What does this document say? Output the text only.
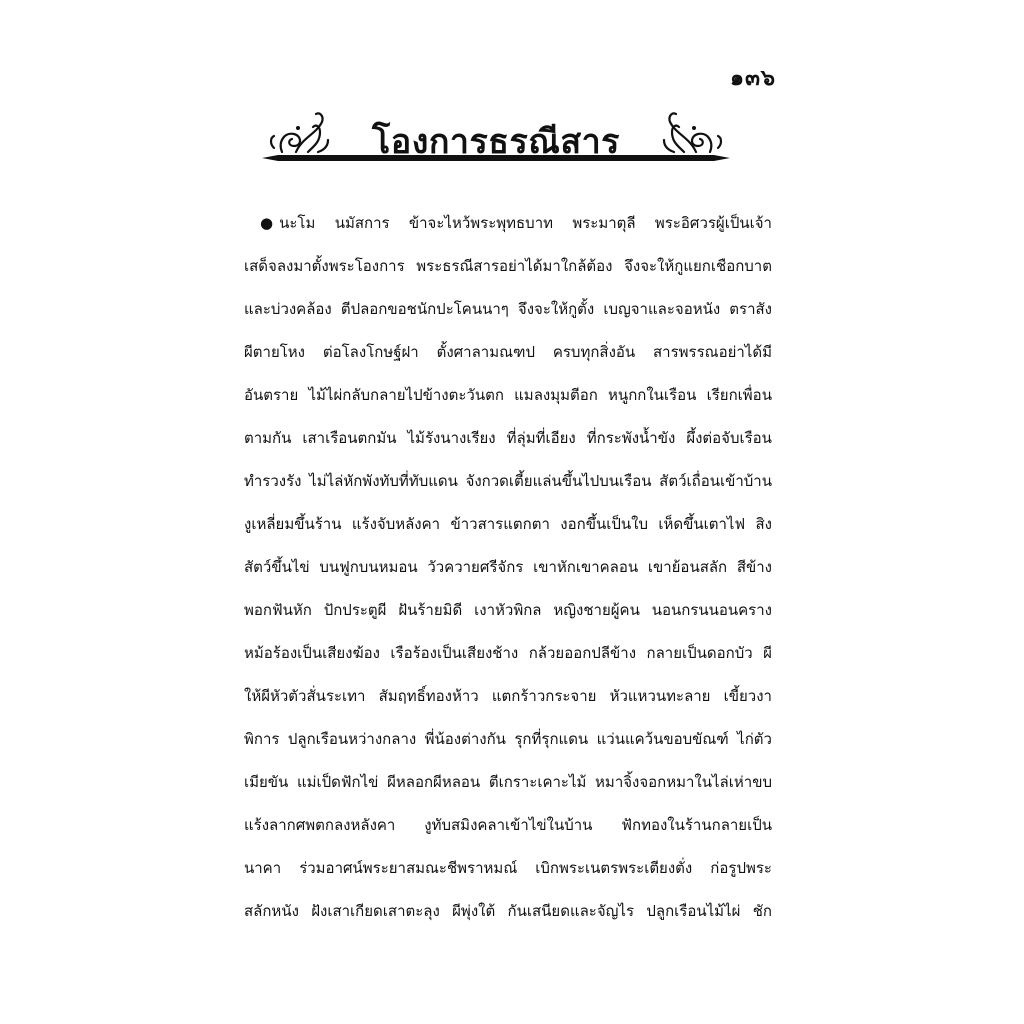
๑๓๖
โองการธรณีสาร
● นะโม นมัสการ ข้าจะไหว้พระพุทธบาท พระมาตุลี พระอิศวรผู้เป็นเจ้า
เสด็จลงมาตั้งพระโองการ พระธรณีสารอย่าได้มาใกล้ต้อง จึงจะให้กูแยกเชือกบาต
และบ่วงคล้อง ตีปลอกขอชนักปะโคนนาๆ จึงจะให้กูตั้ง เบญจาและจอหนัง ตราสัง
ผีตายโหง ต่อโลงโกษฐ์ฝา ตั้งศาลามณฑป ครบทุกสิ่งอัน สารพรรณอย่าได้มี
อันตราย ไม้ไผ่กลับกลายไปข้างตะวันตก แมลงมุมตีอก หนูกกในเรือน เรียกเพื่อน
ตามกัน เสาเรือนตกมัน ไม้รังนางเรียง ที่ลุ่มที่เอียง ที่กระพังน้ำขัง ผึ้งต่อจับเรือน
ทำรวงรัง ไม่ไล่หักพังทับที่ทับแดน จังกวดเตี้ยแล่นขึ้นไปบนเรือน สัตว์เถื่อนเข้าบ้าน
งูเหลี่ยมขึ้นร้าน แร้งจับหลังคา ข้าวสารแตกตา งอกขึ้นเป็นใบ เห็ดขึ้นเตาไฟ สิง
สัตว์ขึ้นไข่ บนฟูกบนหมอน วัวควายศรีจักร เขาหักเขาคลอน เขาย้อนสลัก สีข้าง
พอกฟันหัก ปักประตูผี ฝันร้ายมิดี เงาหัวพิกล หญิงชายผู้คน นอนกรนนอนคราง
หม้อร้องเป็นเสียงฆ้อง เรือร้องเป็นเสียงช้าง กล้วยออกปลีข้าง กลายเป็นดอกบัว ผี
ให้ผีหัวตัวสั่นระเทา สัมฤทธิ์ทองห้าว แตกร้าวกระจาย หัวแหวนทะลาย เขี้ยวงา
พิการ ปลูกเรือนหว่างกลาง พี่น้องต่างกัน รุกที่รุกแดน แว่นแคว้นขอบขัณฑ์ ไก่ตัว
เมียขัน แม่เป็ดฟักไข่ ผีหลอกผีหลอน ตีเกราะเคาะไม้ หมาจิ้งจอกหมาในไล่เห่าขบ
แร้งลากศพตกลงหลังคา งูทับสมิงคลาเข้าไข่ในบ้าน ฟักทองในร้านกลายเป็น
นาคา ร่วมอาศน์พระยาสมณะชีพราหมณ์ เบิกพระเนตรพระเตียงตั่ง ก่อรูปพระ
สลักหนัง ฝังเสาเกียดเสาตะลุง ผีพุ่งใต้ กันเสนียดและจัญไร ปลูกเรือนไม้ไผ่ ชัก
